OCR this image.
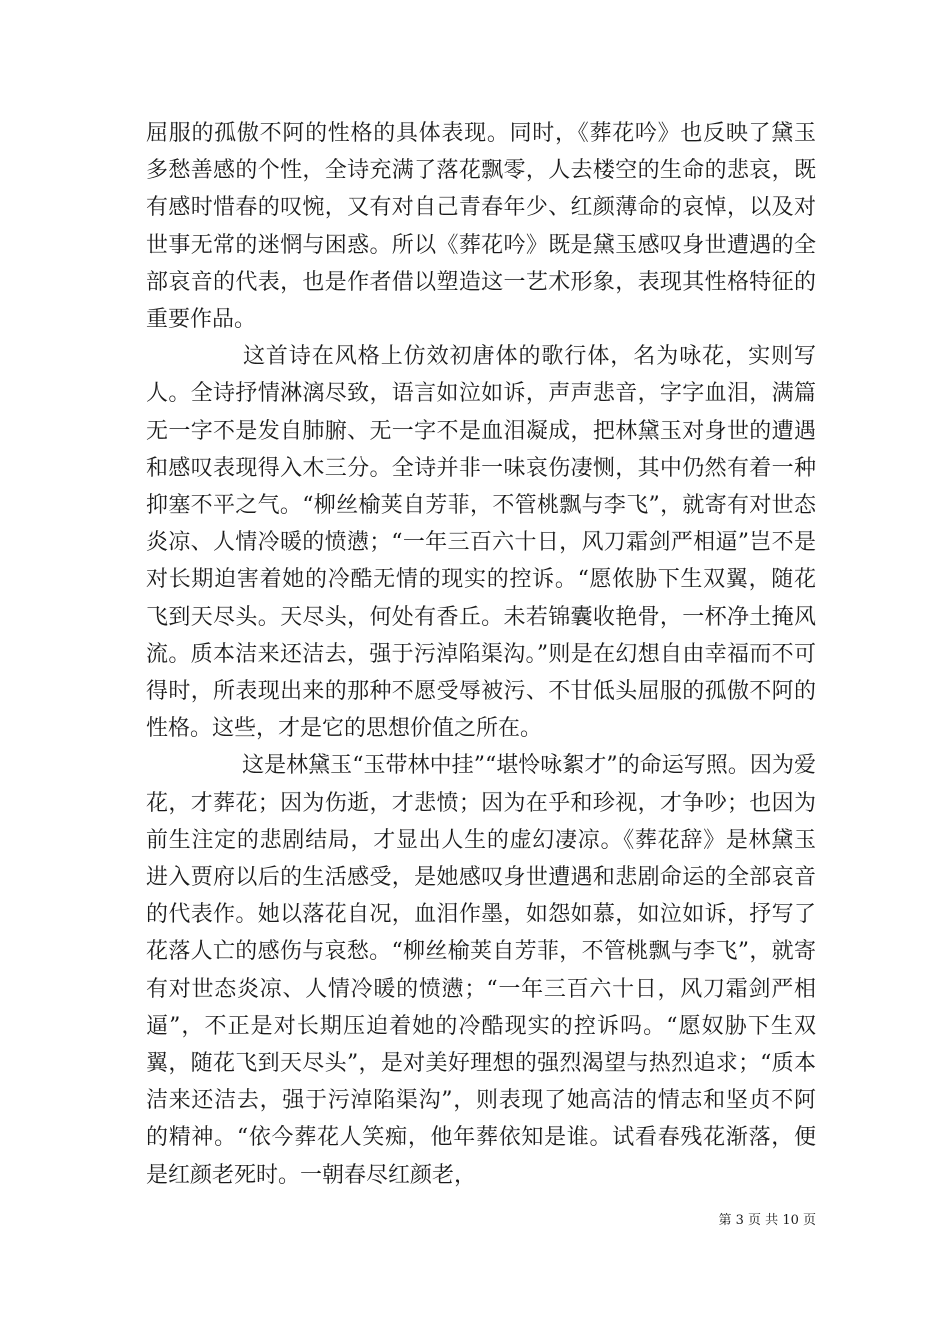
屈服的孤傲不阿的性格的具体表现。同时，《葬花吟》也反映了黛玉多愁善感的个性，全诗充满了落花飘零，人去楼空的生命的悲哀，既有感时惜春的叹惋，又有对自己青春年少、红颜薄命的哀悼，以及对世事无常的迷惘与困惑。所以《葬花吟》既是黛玉感叹身世遭遇的全部哀音的代表，也是作者借以塑造这一艺术形象，表现其性格特征的重要作品。

这首诗在风格上仿效初唐体的歌行体，名为咏花，实则写人。全诗抒情淋漓尽致，语言如泣如诉，声声悲音，字字血泪，满篇无一字不是发自肺腑、无一字不是血泪凝成，把林黛玉对身世的遭遇和感叹表现得入木三分。全诗并非一味哀伤凄恻，其中仍然有着一种抑塞不平之气。“柳丝榆荚自芳菲，不管桃飘与李飞”，就寄有对世态炎凉、人情冷暖的愤懑；“一年三百六十日，风刀霜剑严相逼”岂不是对长期迫害着她的冷酷无情的现实的控诉。“愿侬胁下生双翼，随花飞到天尽头。天尽头，何处有香丘。未若锦囊收艳骨，一杯净土掩风流。质本洁来还洁去，强于污淖陷渠沟。”则是在幻想自由幸福而不可得时，所表现出来的那种不愿受辱被污、不甘低头屈服的孤傲不阿的性格。这些，才是它的思想价值之所在。

这是林黛玉“玉带林中挂”“堪怜咏絮才”的命运写照。因为爱花，才葬花；因为伤逝，才悲愤；因为在乎和珍视，才争吵；也因为前生注定的悲剧结局，才显出人生的虚幻凄凉。《葬花辞》是林黛玉进入贾府以后的生活感受，是她感叹身世遭遇和悲剧命运的全部哀音的代表作。她以落花自况，血泪作墨，如怨如慕，如泣如诉，抒写了花落人亡的感伤与哀愁。“柳丝榆荚自芳菲，不管桃飘与李飞”，就寄有对世态炎凉、人情冷暖的愤懑；“一年三百六十日，风刀霜剑严相逼”，不正是对长期压迫着她的冷酷现实的控诉吗。“愿奴胁下生双翼，随花飞到天尽头”，是对美好理想的强烈渴望与热烈追求；“质本洁来还洁去，强于污淖陷渠沟”，则表现了她高洁的情志和坚贞不阿的精神。“依今葬花人笑痴，他年葬依知是谁。试看春残花渐落，便是红颜老死时。一朝春尽红颜老，

第 3 页 共 10 页
